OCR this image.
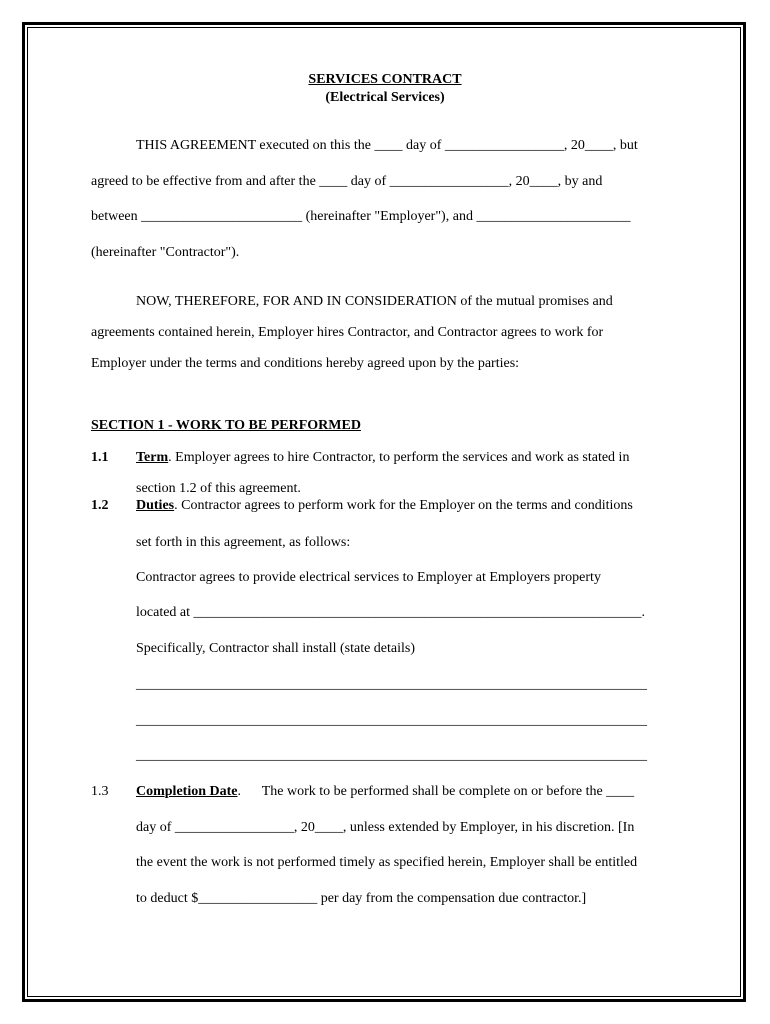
SERVICES CONTRACT
(Electrical Services)
THIS AGREEMENT executed on this the ____ day of _________________, 20____, but
agreed to be effective from and after the ____ day of _________________, 20____, by and
between _______________________ (hereinafter "Employer"), and ______________________
(hereinafter "Contractor").
NOW, THEREFORE, FOR AND IN CONSIDERATION of the mutual promises and
agreements contained herein, Employer hires Contractor, and Contractor agrees to work for
Employer under the terms and conditions hereby agreed upon by the parties:
SECTION 1 - WORK TO BE PERFORMED
1.1 Term. Employer agrees to hire Contractor, to perform the services and work as stated in
section 1.2 of this agreement.
1.2 Duties. Contractor agrees to perform work for the Employer on the terms and conditions
set forth in this agreement, as follows:
Contractor agrees to provide electrical services to Employer at Employers property
located at ________________________________________________________________.
Specifically, Contractor shall install (state details)
_________________________________________________________________________
_________________________________________________________________________
_________________________________________________________________________
1.3 Completion Date.      The work to be performed shall be complete on or before the ____
day of _________________, 20____, unless extended by Employer, in his discretion. [In
the event the work is not performed timely as specified herein, Employer shall be entitled
to deduct $_________________ per day from the compensation due contractor.]
